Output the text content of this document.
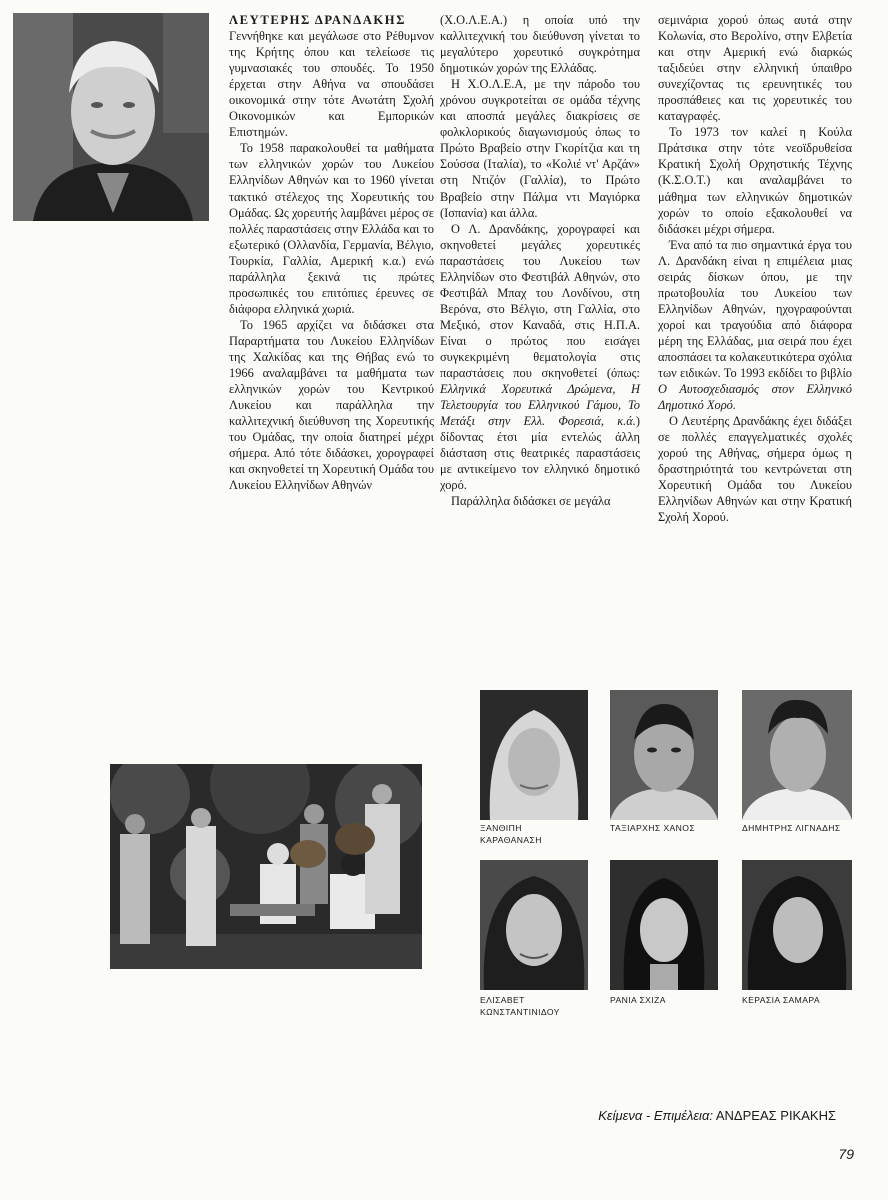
ΛΕΥΤΕΡΗΣ ΔΡΑΝΔΑΚΗΣ

Γεννήθηκε και μεγάλωσε στο Ρέθυμνον της Κρήτης όπου και τελείωσε τις γυμνασιακές του σπουδές. Το 1950 έρχεται στην Αθήνα να σπουδάσει οικονομικά στην τότε Ανωτάτη Σχολή Οικονομικών και Εμπορικών Επιστημών.

Το 1958 παρακολουθεί τα μαθήματα των ελληνικών χορών του Λυκείου Ελληνίδων Αθηνών και το 1960 γίνεται τακτικό στέλεχος της Χορευτικής του Ομάδας. Ως χορευτής λαμβάνει μέρος σε πολλές παραστάσεις στην Ελλάδα και το εξωτερικό (Ολλανδία, Γερμανία, Βέλγιο, Τουρκία, Γαλλία, Αμερική κ.α.) ενώ παράλληλα ξεκινά τις πρώτες προσωπικές του επιτόπιες έρευνες σε διάφορα ελληνικά χωριά.

Το 1965 αρχίζει να διδάσκει στα Παραρτήματα του Λυκείου Ελληνίδων της Χαλκίδας και της Θήβας ενώ το 1966 αναλαμβάνει τα μαθήματα των ελληνικών χορών του Κεντρικού Λυκείου και παράλληλα την καλλιτεχνική διεύθυνση της Χορευτικής του Ομάδας, την οποία διατηρεί μέχρι σήμερα. Από τότε διδάσκει, χορογραφεί και σκηνοθετεί τη Χορευτική Ομάδα του Λυκείου Ελληνίδων Αθηνών

(Χ.Ο.Λ.Ε.Α.) η οποία υπό την καλλιτεχνική του διεύθυνση γίνεται το μεγαλύτερο χορευτικό συγκρότημα δημοτικών χορών της Ελλάδας.

Η Χ.Ο.Λ.Ε.Α, με την πάροδο του χρόνου συγκροτείται σε ομάδα τέχνης και αποσπά μεγάλες διακρίσεις σε φολκλορικούς διαγωνισμούς όπως το Πρώτο Βραβείο στην Γκορίτζια και τη Σούσσα (Ιταλία), το «Κολιέ ντ' Αρζάν» στη Ντιζόν (Γαλλία), το Πρώτο Βραβείο στην Πάλμα ντι Μαγιόρκα (Ισπανία) και άλλα.

Ο Λ. Δρανδάκης, χορογραφεί και σκηνοθετεί μεγάλες χορευτικές παραστάσεις του Λυκείου των Ελληνίδων στο Φεστιβάλ Αθηνών, στο Φεστιβάλ Μπαχ του Λονδίνου, στη Βερόνα, στο Βέλγιο, στη Γαλλία, στο Μεξικό, στον Καναδά, στις Η.Π.Α. Είναι ο πρώτος που εισάγει συγκεκριμένη θεματολογία στις παραστάσεις που σκηνοθετεί (όπως: Ελληνικά Χορευτικά Δρώμενα, Η Τελετουργία του Ελληνικού Γάμου, Το Μετάξι στην Ελλ. Φορεσιά, κ.ά.) δίδοντας έτσι μία εντελώς άλλη διάσταση στις θεατρικές παραστάσεις με αντικείμενο τον ελληνικό δημοτικό χορό.

Παράλληλα διδάσκει σε μεγάλα

σεμινάρια χορού όπως αυτά στην Κολωνία, στο Βερολίνο, στην Ελβετία και στην Αμερική ενώ διαρκώς ταξιδεύει στην ελληνική ύπαιθρο συνεχίζοντας τις ερευνητικές του προσπάθειες και τις χορευτικές του καταγραφές.

Το 1973 τον καλεί η Κούλα Πράτσικα στην τότε νεοϊδρυθείσα Κρατική Σχολή Ορχηστικής Τέχνης (Κ.Σ.Ο.Τ.) και αναλαμβάνει το μάθημα των ελληνικών δημοτικών χορών το οποίο εξακολουθεί να διδάσκει μέχρι σήμερα.

Ένα από τα πιο σημαντικά έργα του Λ. Δρανδάκη είναι η επιμέλεια μιας σειράς δίσκων όπου, με την πρωτοβουλία του Λυκείου των Ελληνίδων Αθηνών, ηχογραφούνται χοροί και τραγούδια από διάφορα μέρη της Ελλάδας, μια σειρά που έχει αποσπάσει τα κολακευτικότερα σχόλια των ειδικών. Το 1993 εκδίδει το βιβλίο Ο Αυτοσχεδιασμός στον Ελληνικό Δημοτικό Χορό.

Ο Λευτέρης Δρανδάκης έχει διδάξει σε πολλές επαγγελματικές σχολές χορού της Αθήνας, σήμερα όμως η δραστηριότητά του κεντρώνεται στη Χορευτική Ομάδα του Λυκείου Ελληνίδων Αθηνών και στην Κρατική Σχολή Χορού.

ΞΑΝΘΙΠΗ ΚΑΡΑΘΑΝΑΣΗ
ΤΑΞΙΑΡΧΗΣ ΧΑΝΟΣ	ΔΗΜΗΤΡΗΣ ΛΙΓΝΑΔΗΣ
ΕΛΙΣΑΒΕΤ ΚΩΝΣΤΑΝΤΙΝΙΔΟΥ
ΡΑΝΙΑ ΣΧΙΖΑ	ΚΕΡΑΣΙΑ ΣΑΜΑΡΑ
Κείμενα - Επιμέλεια: ΑΝΔΡΕΑΣ ΡΙΚΑΚΗΣ
79
